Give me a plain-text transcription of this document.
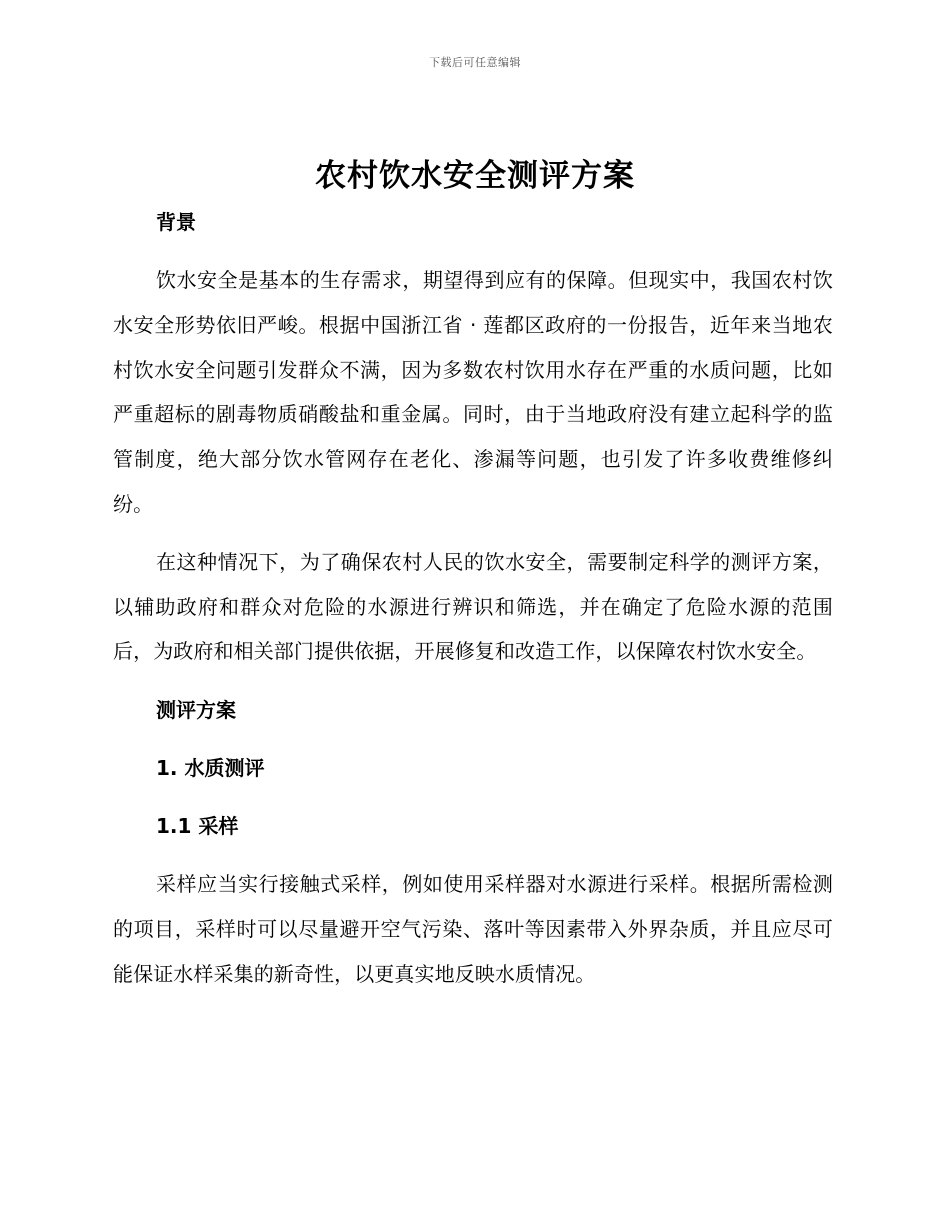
下载后可任意编辑
农村饮水安全测评方案
背景

饮水安全是基本的生存需求，期望得到应有的保障。但现实中，我国农村饮水安全形势依旧严峻。根据中国浙江省 · 莲都区政府的一份报告，近年来当地农村饮水安全问题引发群众不满，因为多数农村饮用水存在严重的水质问题，比如严重超标的剧毒物质硝酸盐和重金属。同时，由于当地政府没有建立起科学的监管制度，绝大部分饮水管网存在老化、渗漏等问题，也引发了许多收费维修纠纷。

在这种情况下，为了确保农村人民的饮水安全，需要制定科学的测评方案，以辅助政府和群众对危险的水源进行辨识和筛选，并在确定了危险水源的范围后，为政府和相关部门提供依据，开展修复和改造工作，以保障农村饮水安全。

测评方案
1. 水质测评
1.1 采样

采样应当实行接触式采样，例如使用采样器对水源进行采样。根据所需检测的项目，采样时可以尽量避开空气污染、落叶等因素带入外界杂质，并且应尽可能保证水样采集的新奇性，以更真实地反映水质情况。
